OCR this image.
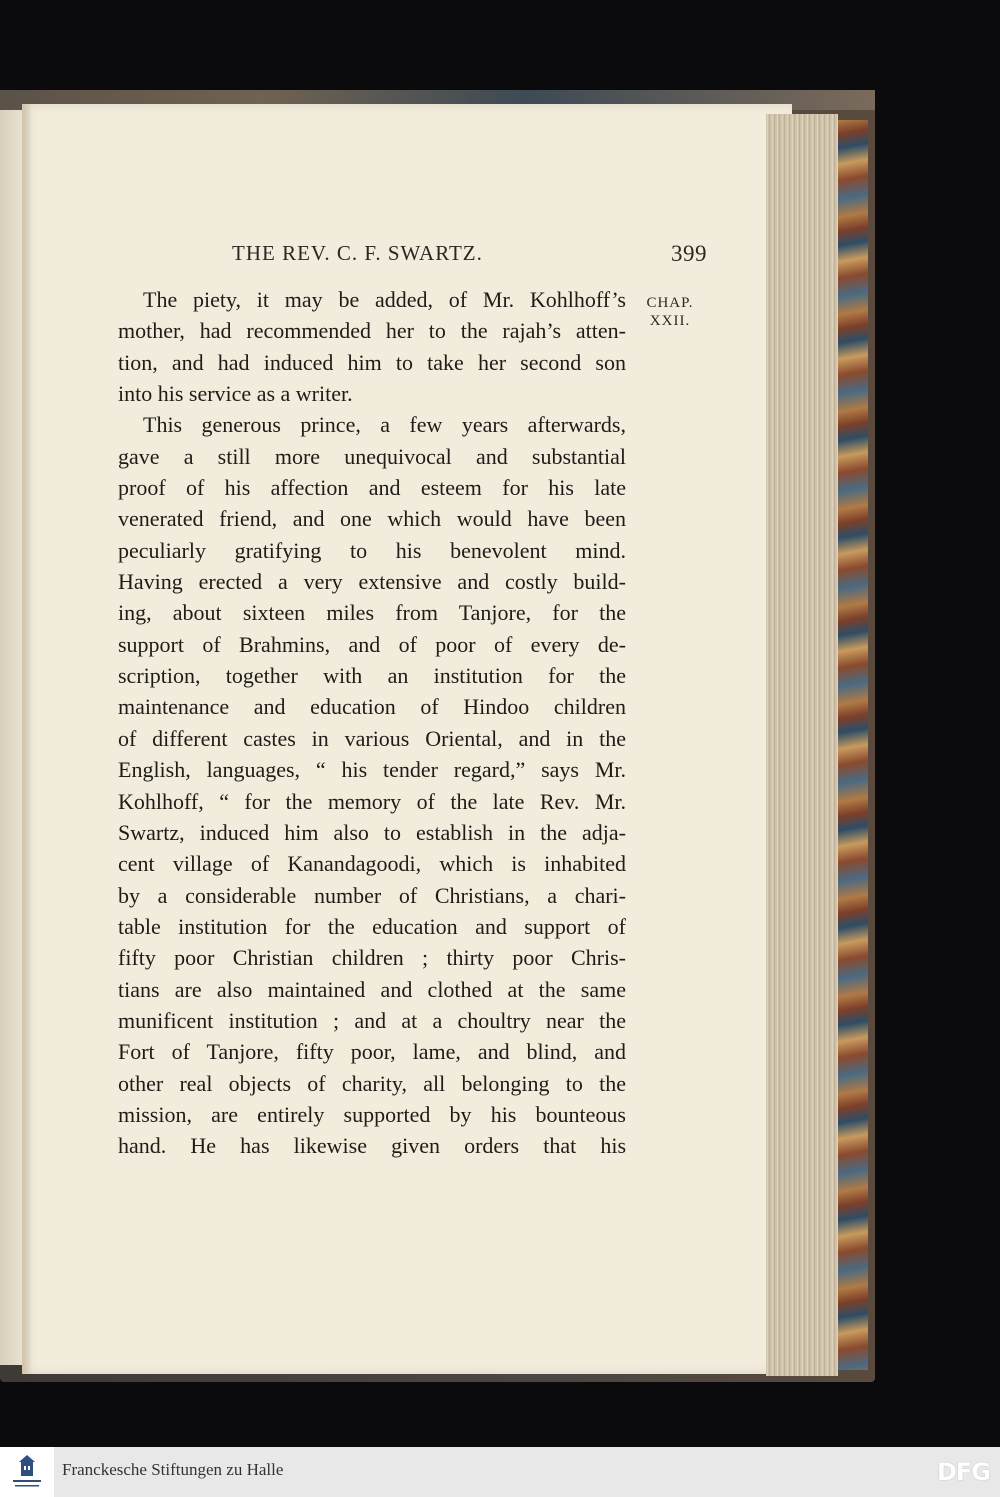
THE REV. C. F. SWARTZ.	399
CHAP.
XXII.
The piety, it may be added, of Mr. Kohlhoff’s
mother, had recommended her to the rajah’s atten-
tion, and had induced him to take her second son
into his service as a writer.
This generous prince, a few years afterwards,
gave a still more unequivocal and substantial
proof of his affection and esteem for his late
venerated friend, and one which would have been
peculiarly gratifying to his benevolent mind.
Having erected a very extensive and costly build-
ing, about sixteen miles from Tanjore, for the
support of Brahmins, and of poor of every de-
scription, together with an institution for the
maintenance and education of Hindoo children
of different castes in various Oriental, and in the
English, languages, “ his tender regard,” says Mr.
Kohlhoff, “ for the memory of the late Rev. Mr.
Swartz, induced him also to establish in the adja-
cent village of Kanandagoodi, which is inhabited
by a considerable number of Christians, a chari-
table institution for the education and support of
fifty poor Christian children ; thirty poor Chris-
tians are also maintained and clothed at the same
munificent institution ; and at a choultry near the
Fort of Tanjore, fifty poor, lame, and blind, and
other real objects of charity, all belonging to the
mission, are entirely supported by his bounteous
hand. He has likewise given orders that his
Franckesche Stiftungen zu Halle	DFG
